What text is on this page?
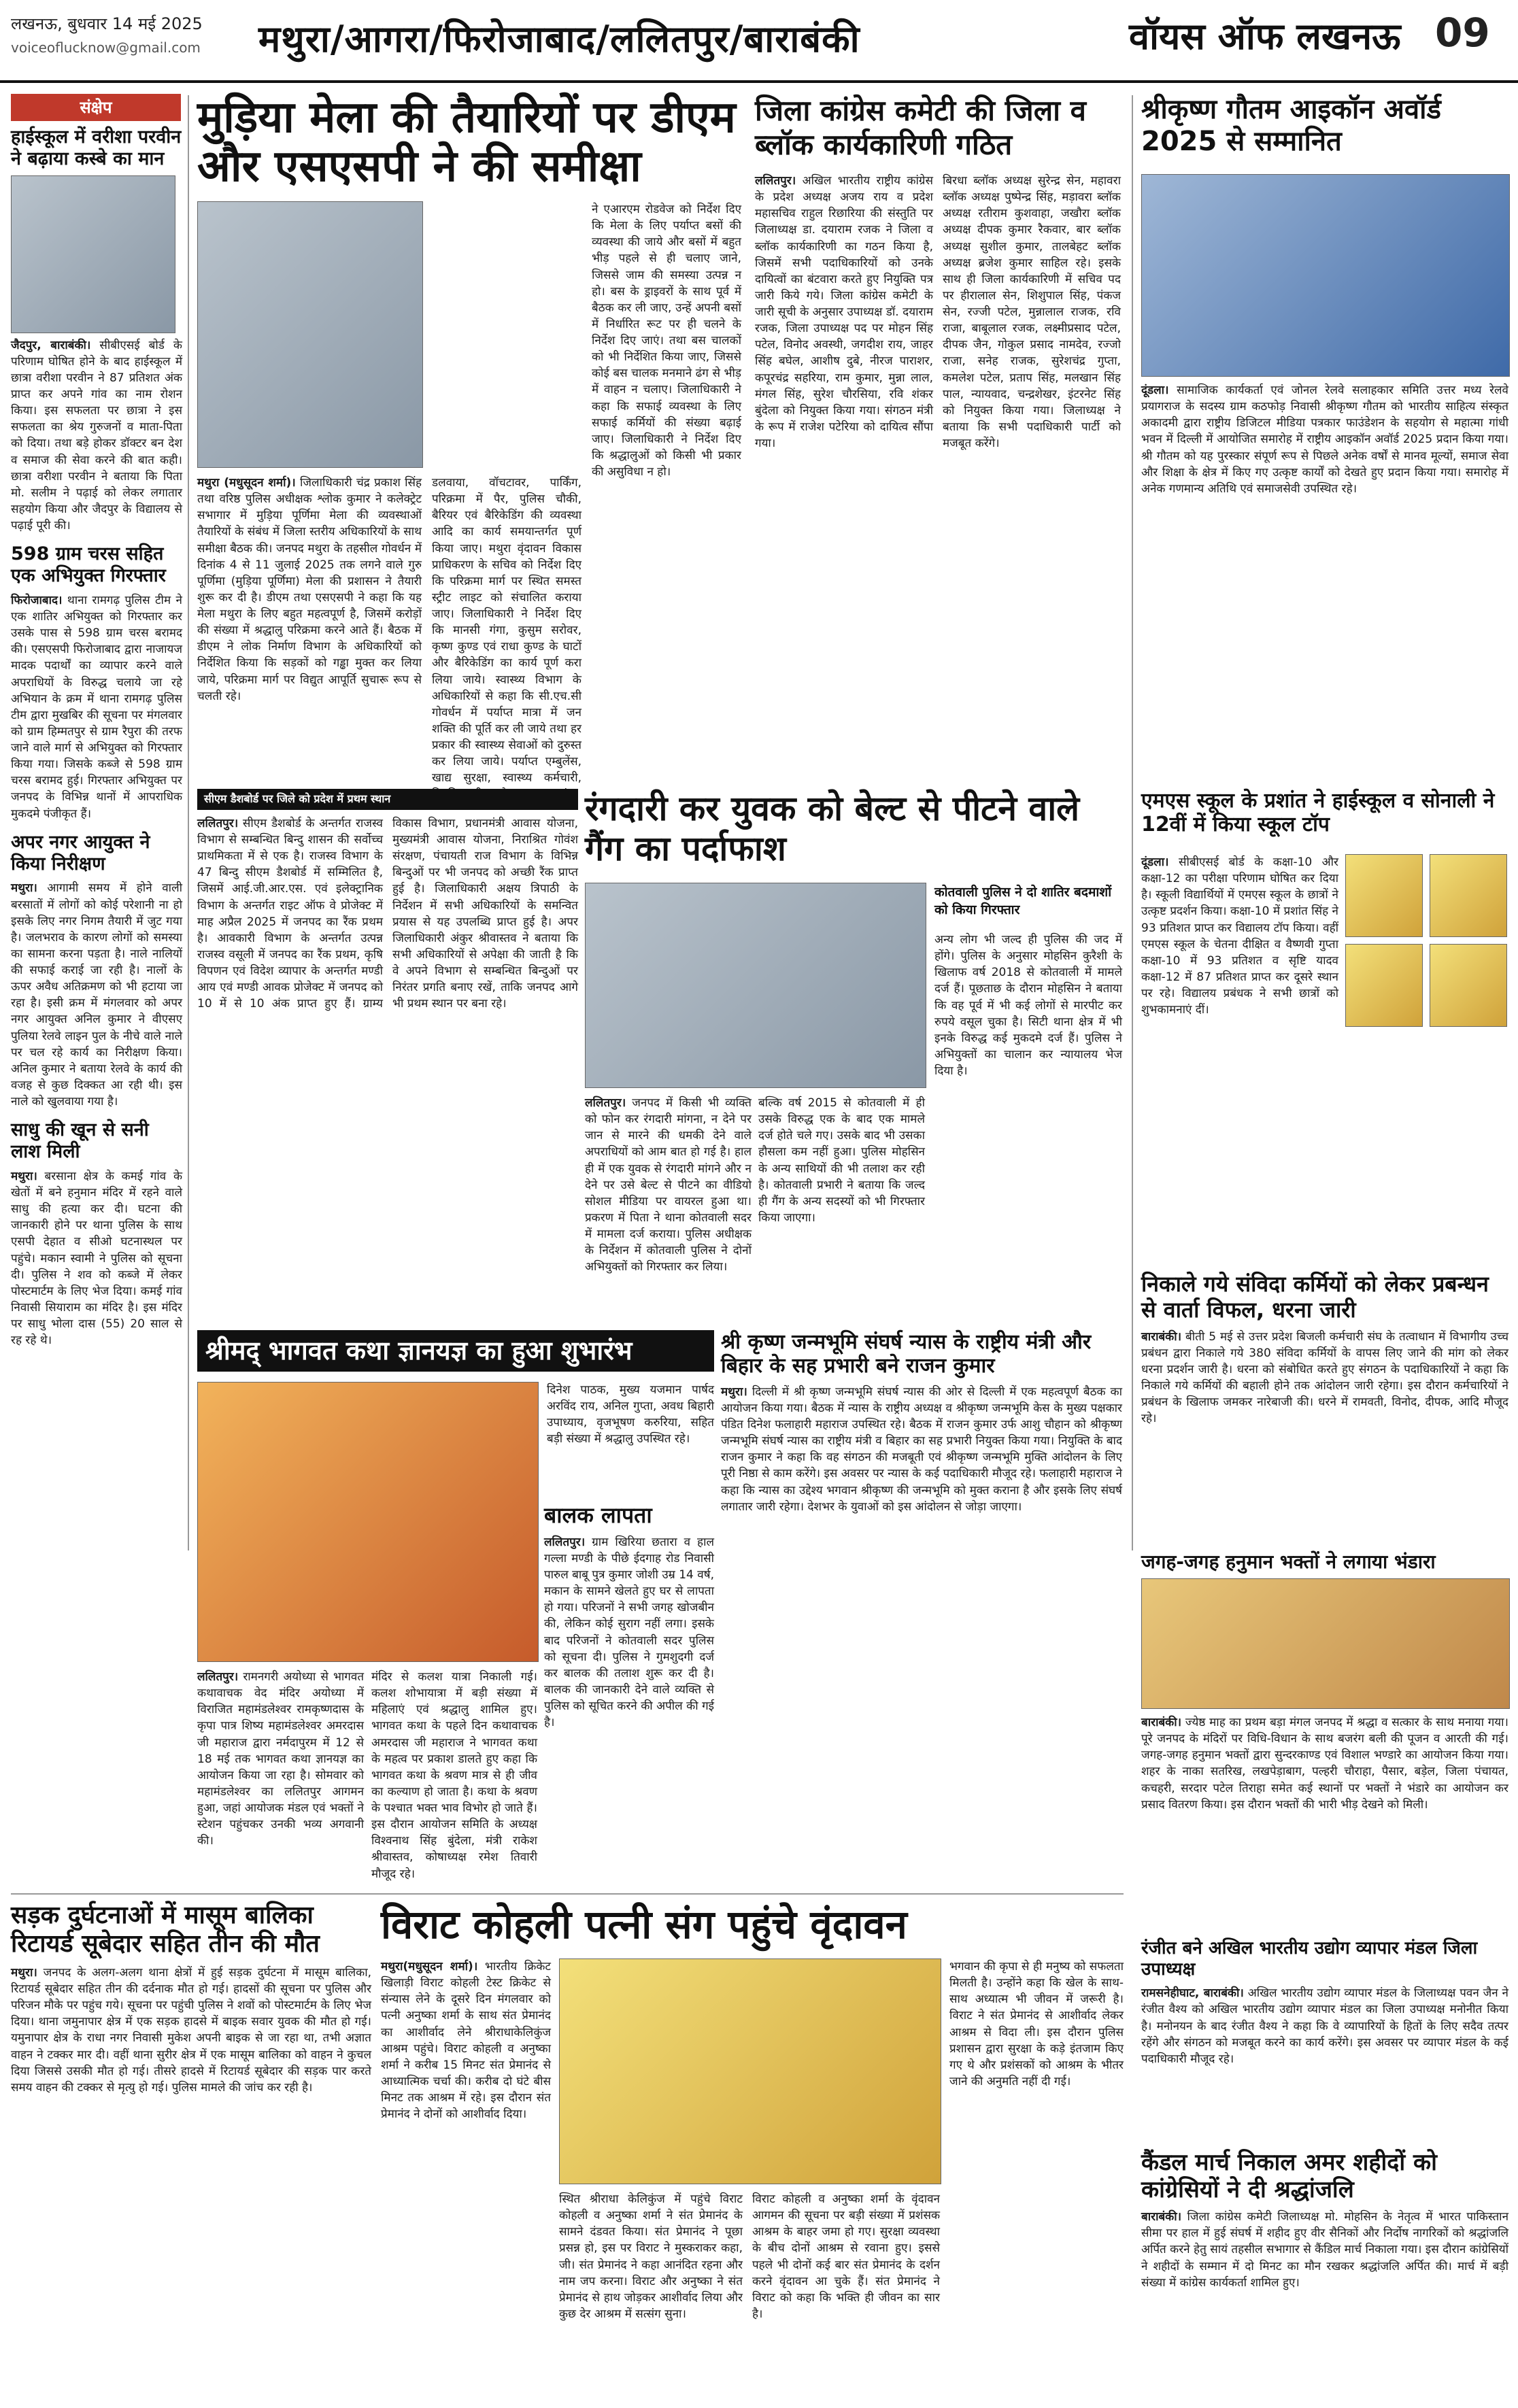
लखनऊ, बुधवार 14 मई 2025
voiceoflucknow@gmail.com मथुरा/आगरा/फिरोजाबाद/ललितपुर/बाराबंकी	वॉयस ऑफ लखनऊ 09
संक्षेप
हाईस्कूल में वरीशा परवीन ने बढ़ाया कस्बे का मान

जैदपुर, बाराबंकी। सीबीएसई बोर्ड के परिणाम घोषित होने के बाद हाईस्कूल में छात्रा वरीशा परवीन ने 87 प्रतिशत अंक प्राप्त कर अपने गांव का नाम रोशन किया। इस सफलता पर छात्रा ने इस सफलता का श्रेय गुरुजनों व माता-पिता को दिया। तथा बड़े होकर डॉक्टर बन देश व समाज की सेवा करने की बात कही। छात्रा वरीशा परवीन ने बताया कि पिता मो. सलीम ने पढ़ाई को लेकर लगातार सहयोग किया और जैदपुर के विद्यालय से पढ़ाई पूरी की।

598 ग्राम चरस सहित एक अभियुक्त गिरफ्तार

फिरोजाबाद। थाना रामगढ़ पुलिस टीम ने एक शातिर अभियुक्त को गिरफ्तार कर उसके पास से 598 ग्राम चरस बरामद की। एसएसपी फिरोजाबाद द्वारा नाजायज मादक पदार्थों का व्यापार करने वाले अपराधियों के विरुद्ध चलाये जा रहे अभियान के क्रम में थाना रामगढ़ पुलिस टीम द्वारा मुखबिर की सूचना पर मंगलवार को ग्राम हिम्मतपुर से ग्राम रैपुरा की तरफ जाने वाले मार्ग से अभियुक्त को गिरफ्तार किया गया। जिसके कब्जे से 598 ग्राम चरस बरामद हुई। गिरफ्तार अभियुक्त पर जनपद के विभिन्न थानों में आपराधिक मुकदमे पंजीकृत हैं।

अपर नगर आयुक्त ने किया निरीक्षण

मथुरा। आगामी समय में होने वाली बरसातों में लोगों को कोई परेशानी ना हो इसके लिए नगर निगम तैयारी में जुट गया है। जलभराव के कारण लोगों को समस्या का सामना करना पड़ता है। नाले नालियों की सफाई कराई जा रही है। नालों के ऊपर अवैध अतिक्रमण को भी हटाया जा रहा है। इसी क्रम में मंगलवार को अपर नगर आयुक्त अनिल कुमार ने वीएसए पुलिया रेलवे लाइन पुल के नीचे वाले नाले पर चल रहे कार्य का निरीक्षण किया। अनिल कुमार ने बताया रेलवे के कार्य की वजह से कुछ दिक्कत आ रही थी। इस नाले को खुलवाया गया है।

साधु की खून से सनी लाश मिली

मथुरा। बरसाना क्षेत्र के कमई गांव के खेतों में बने हनुमान मंदिर में रहने वाले साधु की हत्या कर दी। घटना की जानकारी होने पर थाना पुलिस के साथ एसपी देहात व सीओ घटनास्थल पर पहुंचे। मकान स्वामी ने पुलिस को सूचना दी। पुलिस ने शव को कब्जे में लेकर पोस्टमार्टम के लिए भेज दिया। कमई गांव निवासी सियाराम का मंदिर है। इस मंदिर पर साधु भोला दास (55) 20 साल से रह रहे थे।

मुड़िया मेला की तैयारियों पर डीएम और एसएसपी ने की समीक्षा

मथुरा (मधुसूदन शर्मा)। जिलाधिकारी चंद्र प्रकाश सिंह तथा वरिष्ठ पुलिस अधीक्षक श्लोक कुमार ने कलेक्ट्रेट सभागार में मुड़िया पूर्णिमा मेला की व्यवस्थाओं तैयारियों के संबंध में जिला स्तरीय अधिकारियों के साथ समीक्षा बैठक की। जनपद मथुरा के तहसील गोवर्धन में दिनांक 4 से 11 जुलाई 2025 तक लगने वाले गुरु पूर्णिमा (मुड़िया पूर्णिमा) मेला की प्रशासन ने तैयारी शुरू कर दी है। डीएम तथा एसएसपी ने कहा कि यह मेला मथुरा के लिए बहुत महत्वपूर्ण है, जिसमें करोड़ों की संख्या में श्रद्धालु परिक्रमा करने आते हैं। बैठक में डीएम ने लोक निर्माण विभाग के अधिकारियों को निर्देशित किया कि सड़कों को गड्ढा मुक्त कर लिया जाये, परिक्रमा मार्ग पर विद्युत आपूर्ति सुचारू रूप से चलती रहे।

डलवाया, वॉचटावर, पार्किंग, परिक्रमा में पैर, पुलिस चौकी, बैरियर एवं बैरिकेडिंग की व्यवस्था आदि का कार्य समयान्तर्गत पूर्ण किया जाए। मथुरा वृंदावन विकास प्राधिकरण के सचिव को निर्देश दिए कि परिक्रमा मार्ग पर स्थित समस्त स्ट्रीट लाइट को संचालित कराया जाए। जिलाधिकारी ने निर्देश दिए कि मानसी गंगा, कुसुम सरोवर, कृष्ण कुण्ड एवं राधा कुण्ड के घाटों और बैरिकेडिंग का कार्य पूर्ण करा लिया जाये। स्वास्थ्य विभाग के अधिकारियों से कहा कि सी.एच.सी गोवर्धन में पर्याप्त मात्रा में जन शक्ति की पूर्ति कर ली जाये तथा हर प्रकार की स्वास्थ्य सेवाओं को दुरुस्त कर लिया जाये। पर्याप्त एम्बुलेंस, खाद्य सुरक्षा, स्वास्थ्य कर्मचारी,

ने एआरएम रोडवेज को निर्देश दिए कि मेला के लिए पर्याप्त बसों की व्यवस्था की जाये और बसों में बहुत भीड़ पहले से ही चलाए जाने, जिससे जाम की समस्या उत्पन्न न हो। बस के ड्राइवरों के साथ पूर्व में बैठक कर ली जाए, उन्हें अपनी बसों में निर्धारित रूट पर ही चलने के निर्देश दिए जाएं। तथा बस चालकों को भी निर्देशित किया जाए, जिससे कोई बस चालक मनमाने ढंग से भीड़ में वाहन न चलाए। जिलाधिकारी ने कहा कि सफाई व्यवस्था के लिए सफाई कर्मियों की संख्या बढ़ाई जाए। जिलाधिकारी ने निर्देश दिए कि श्रद्धालुओं को किसी भी प्रकार की असुविधा न हो।

जिला कांग्रेस कमेटी की जिला व ब्लॉक कार्यकारिणी गठित

ललितपुर। अखिल भारतीय राष्ट्रीय कांग्रेस के प्रदेश अध्यक्ष अजय राय व प्रदेश महासचिव राहुल रिछारिया की संस्तुति पर जिलाध्यक्ष डा. दयाराम रजक ने जिला व ब्लॉक कार्यकारिणी का गठन किया है, जिसमें सभी पदाधिकारियों को उनके दायित्वों का बंटवारा करते हुए नियुक्ति पत्र जारी किये गये। जिला कांग्रेस कमेटी के जारी सूची के अनुसार उपाध्यक्ष डॉ. दयाराम रजक, जिला उपाध्यक्ष पद पर मोहन सिंह पटेल, विनोद अवस्थी, जगदीश राय, जाहर सिंह बघेल, आशीष दुबे, नीरज पाराशर, कपूरचंद्र सहरिया, राम कुमार, मुन्ना लाल, मंगल सिंह, सुरेश चौरसिया, रवि शंकर बुंदेला को नियुक्त किया गया। संगठन मंत्री के रूप में राजेश पटेरिया को दायित्व सौंपा गया।

बिरधा ब्लॉक अध्यक्ष सुरेन्द्र सेन, महावरा ब्लॉक अध्यक्ष पुष्पेन्द्र सिंह, मड़ावरा ब्लॉक अध्यक्ष रतीराम कुशवाहा, जखौरा ब्लॉक अध्यक्ष दीपक कुमार रैकवार, बार ब्लॉक अध्यक्ष सुशील कुमार, तालबेहट ब्लॉक अध्यक्ष ब्रजेश कुमार साहिल रहे। इसके साथ ही जिला कार्यकारिणी में सचिव पद पर हीरालाल सेन, शिशुपाल सिंह, पंकज सेन, रज्जी पटेल, मुन्नालाल राजक, रवि राजा, बाबूलाल रजक, लक्ष्मीप्रसाद पटेल, दीपक जैन, गोकुल प्रसाद नामदेव, रज्जो राजा, सनेह राजक, सुरेशचंद्र गुप्ता, कमलेश पटेल, प्रताप सिंह, मलखान सिंह पाल, न्यायवाद, चन्द्रशेखर, इंटरनेट सिंह को नियुक्त किया गया। जिलाध्यक्ष ने बताया कि सभी पदाधिकारी पार्टी को मजबूत करेंगे।

श्रीकृष्ण गौतम आइकॉन अवॉर्ड 2025 से सम्मानित

दूंडला। सामाजिक कार्यकर्ता एवं जोनल रेलवे सलाहकार समिति उत्तर मध्य रेलवे प्रयागराज के सदस्य ग्राम कठफोड़ निवासी श्रीकृष्ण गौतम को भारतीय साहित्य संस्कृत अकादमी द्वारा राष्ट्रीय डिजिटल मीडिया पत्रकार फाउंडेशन के सहयोग से महात्मा गांधी भवन में दिल्ली में आयोजित समारोह में राष्ट्रीय आइकॉन अवॉर्ड 2025 प्रदान किया गया। श्री गौतम को यह पुरस्कार संपूर्ण रूप से पिछले अनेक वर्षों से मानव मूल्यों, समाज सेवा और शिक्षा के क्षेत्र में किए गए उत्कृष्ट कार्यों को देखते हुए प्रदान किया गया। समारोह में अनेक गणमान्य अतिथि एवं समाजसेवी उपस्थित रहे।

सीएम डैशबोर्ड पर जिले को प्रदेश में प्रथम स्थान

ललितपुर। सीएम डैशबोर्ड के अन्तर्गत राजस्व विभाग से सम्बन्धित बिन्दु शासन की सर्वोच्च प्राथमिकता में से एक है। राजस्व विभाग के 47 बिन्दु सीएम डैशबोर्ड में सम्मिलित है, जिसमें आई.जी.आर.एस. एवं इलेक्ट्रानिक विभाग के अन्तर्गत राइट ऑफ वे प्रोजेक्ट में माह अप्रैल 2025 में जनपद का रैंक प्रथम है। आवकारी विभाग के अन्तर्गत उत्पन्न राजस्व वसूली में जनपद का रैंक प्रथम, कृषि विपणन एवं विदेश व्यापार के अन्तर्गत मण्डी आय एवं मण्डी आवक प्रोजेक्ट में जनपद को 10 में से 10 अंक प्राप्त हुए हैं। ग्राम्य विकास विभाग, प्रधानमंत्री आवास योजना, मुख्यमंत्री आवास योजना, निराश्रित गोवंश संरक्षण, पंचायती राज विभाग के विभिन्न बिन्दुओं पर भी जनपद को अच्छी रैंक प्राप्त हुई है। जिलाधिकारी अक्षय त्रिपाठी के निर्देशन में सभी अधिकारियों के समन्वित प्रयास से यह उपलब्धि प्राप्त हुई है। अपर जिलाधिकारी अंकुर श्रीवास्तव ने बताया कि सभी अधिकारियों से अपेक्षा की जाती है कि वे अपने विभाग से सम्बन्धित बिन्दुओं पर निरंतर प्रगति बनाए रखें, ताकि जनपद आगे भी प्रथम स्थान पर बना रहे।

रंगदारी कर युवक को बेल्ट से पीटने वाले गैंग का पर्दाफाश
कोतवाली पुलिस ने दो शातिर बदमाशों को किया गिरफ्तार

अन्य लोग भी जल्द ही पुलिस की जद में होंगे। पुलिस के अनुसार मोहसिन कुरैशी के खिलाफ वर्ष 2018 से कोतवाली में मामले दर्ज हैं। पूछताछ के दौरान मोहसिन ने बताया कि वह पूर्व में भी कई लोगों से मारपीट कर रुपये वसूल चुका है। सिटी थाना क्षेत्र में भी इनके विरुद्ध कई मुकदमे दर्ज हैं। पुलिस ने अभियुक्तों का चालान कर न्यायालय भेज दिया है।

ललितपुर। जनपद में किसी भी व्यक्ति को फोन कर रंगदारी मांगना, न देने पर जान से मारने की धमकी देने वाले अपराधियों को आम बात हो गई है। हाल ही में एक युवक से रंगदारी मांगने और न देने पर उसे बेल्ट से पीटने का वीडियो सोशल मीडिया पर वायरल हुआ था। प्रकरण में पिता ने थाना कोतवाली सदर में मामला दर्ज कराया। पुलिस अधीक्षक के निर्देशन में कोतवाली पुलिस ने दोनों अभियुक्तों को गिरफ्तार कर लिया।

बल्कि वर्ष 2015 से कोतवाली में ही उसके विरुद्ध एक के बाद एक मामले दर्ज होते चले गए। उसके बाद भी उसका हौसला कम नहीं हुआ। पुलिस मोहसिन के अन्य साथियों की भी तलाश कर रही है। कोतवाली प्रभारी ने बताया कि जल्द ही गैंग के अन्य सदस्यों को भी गिरफ्तार किया जाएगा।

एमएस स्कूल के प्रशांत ने हाईस्कूल व सोनाली ने 12वीं में किया स्कूल टॉप

दूंडला। सीबीएसई बोर्ड के कक्षा-10 और कक्षा-12 का परीक्षा परिणाम घोषित कर दिया है। स्कूली विद्यार्थियों में एमएस स्कूल के छात्रों ने उत्कृष्ट प्रदर्शन किया। कक्षा-10 में प्रशांत सिंह ने 93 प्रतिशत प्राप्त कर विद्यालय टॉप किया। वहीं एमएस स्कूल के चेतना दीक्षित व वैष्णवी गुप्ता कक्षा-10 में 93 प्रतिशत व सृष्टि यादव कक्षा-12 में 87 प्रतिशत प्राप्त कर दूसरे स्थान पर रहे। विद्यालय प्रबंधक ने सभी छात्रों को शुभकामनाएं दीं।

निकाले गये संविदा कर्मियों को लेकर प्रबन्धन से वार्ता विफल, धरना जारी

बाराबंकी। बीती 5 मई से उत्तर प्रदेश बिजली कर्मचारी संघ के तत्वाधान में विभागीय उच्च प्रबंधन द्वारा निकाले गये 380 संविदा कर्मियों के वापस लिए जाने की मांग को लेकर धरना प्रदर्शन जारी है। धरना को संबोधित करते हुए संगठन के पदाधिकारियों ने कहा कि निकाले गये कर्मियों की बहाली होने तक आंदोलन जारी रहेगा। इस दौरान कर्मचारियों ने प्रबंधन के खिलाफ जमकर नारेबाजी की। धरने में रामवती, विनोद, दीपक, आदि मौजूद रहे।

श्रीमद् भागवत कथा ज्ञानयज्ञ का हुआ शुभारंभ

ललितपुर। रामनगरी अयोध्या से भागवत कथावाचक वेद मंदिर अयोध्या में विराजित महामंडलेश्वर रामकृष्णदास के कृपा पात्र शिष्य महामंडलेश्वर अमरदास जी महाराज द्वारा नर्मदापुरम में 12 से 18 मई तक भागवत कथा ज्ञानयज्ञ का आयोजन किया जा रहा है। सोमवार को महामंडलेश्वर का ललितपुर आगमन हुआ, जहां आयोजक मंडल एवं भक्तों ने स्टेशन पहुंचकर उनकी भव्य अगवानी की।

मंदिर से कलश यात्रा निकाली गई। कलश शोभायात्रा में बड़ी संख्या में महिलाएं एवं श्रद्धालु शामिल हुए। भागवत कथा के पहले दिन कथावाचक अमरदास जी महाराज ने भागवत कथा के महत्व पर प्रकाश डालते हुए कहा कि भागवत कथा के श्रवण मात्र से ही जीव का कल्याण हो जाता है। कथा के श्रवण के पश्चात भक्त भाव विभोर हो जाते हैं। इस दौरान आयोजन समिति के अध्यक्ष विश्वनाथ सिंह बुंदेला, मंत्री राकेश श्रीवास्तव, कोषाध्यक्ष रमेश तिवारी मौजूद रहे।

दिनेश पाठक, मुख्य यजमान पार्षद अरविंद राय, अनिल गुप्ता, अवध बिहारी उपाध्याय, वृजभूषण करुरिया, सहित बड़ी संख्या में श्रद्धालु उपस्थित रहे।

बालक लापता

ललितपुर। ग्राम खिरिया छतारा व हाल गल्ला मण्डी के पीछे ईदगाह रोड निवासी पारुल बाबू पुत्र कुमार जोशी उम्र 14 वर्ष, मकान के सामने खेलते हुए घर से लापता हो गया। परिजनों ने सभी जगह खोजबीन की, लेकिन कोई सुराग नहीं लगा। इसके बाद परिजनों ने कोतवाली सदर पुलिस को सूचना दी। पुलिस ने गुमशुदगी दर्ज कर बालक की तलाश शुरू कर दी है। बालक की जानकारी देने वाले व्यक्ति से पुलिस को सूचित करने की अपील की गई है।

श्री कृष्ण जन्मभूमि संघर्ष न्यास के राष्ट्रीय मंत्री और बिहार के सह प्रभारी बने राजन कुमार

मथुरा। दिल्ली में श्री कृष्ण जन्मभूमि संघर्ष न्यास की ओर से दिल्ली में एक महत्वपूर्ण बैठक का आयोजन किया गया। बैठक में न्यास के राष्ट्रीय अध्यक्ष व श्रीकृष्ण जन्मभूमि केस के मुख्य पक्षकार पंडित दिनेश फलाहारी महाराज उपस्थित रहे। बैठक में राजन कुमार उर्फ आशु चौहान को श्रीकृष्ण जन्मभूमि संघर्ष न्यास का राष्ट्रीय मंत्री व बिहार का सह प्रभारी नियुक्त किया गया। नियुक्ति के बाद राजन कुमार ने कहा कि वह संगठन की मजबूती एवं श्रीकृष्ण जन्मभूमि मुक्ति आंदोलन के लिए पूरी निष्ठा से काम करेंगे। इस अवसर पर न्यास के कई पदाधिकारी मौजूद रहे। फलाहारी महाराज ने कहा कि न्यास का उद्देश्य भगवान श्रीकृष्ण की जन्मभूमि को मुक्त कराना है और इसके लिए संघर्ष लगातार जारी रहेगा। देशभर के युवाओं को इस आंदोलन से जोड़ा जाएगा।

जगह-जगह हनुमान भक्तों ने लगाया भंडारा

बाराबंकी। ज्येष्ठ माह का प्रथम बड़ा मंगल जनपद में श्रद्धा व सत्कार के साथ मनाया गया। पूरे जनपद के मंदिरों पर विधि-विधान के साथ बजरंग बली की पूजन व आरती की गई। जगह-जगह हनुमान भक्तों द्वारा सुन्दरकाण्ड एवं विशाल भण्डारे का आयोजन किया गया। शहर के नाका सतरिख, लखपेड़ाबाग, पल्हरी चौराहा, पैसार, बड़ेल, जिला पंचायत, कचहरी, सरदार पटेल तिराहा समेत कई स्थानों पर भक्तों ने भंडारे का आयोजन कर प्रसाद वितरण किया। इस दौरान भक्तों की भारी भीड़ देखने को मिली।

रंजीत बने अखिल भारतीय उद्योग व्यापार मंडल जिला उपाध्यक्ष

रामसनेहीघाट, बाराबंकी। अखिल भारतीय उद्योग व्यापार मंडल के जिलाध्यक्ष पवन जैन ने रंजीत वैश्य को अखिल भारतीय उद्योग व्यापार मंडल का जिला उपाध्यक्ष मनोनीत किया है। मनोनयन के बाद रंजीत वैश्य ने कहा कि वे व्यापारियों के हितों के लिए सदैव तत्पर रहेंगे और संगठन को मजबूत करने का कार्य करेंगे। इस अवसर पर व्यापार मंडल के कई पदाधिकारी मौजूद रहे।

कैंडल मार्च निकाल अमर शहीदों को कांग्रेसियों ने दी श्रद्धांजलि

बाराबंकी। जिला कांग्रेस कमेटी जिलाध्यक्ष मो. मोहसिन के नेतृत्व में भारत पाकिस्तान सीमा पर हाल में हुई संघर्ष में शहीद हुए वीर सैनिकों और निर्दोष नागरिकों को श्रद्धांजलि अर्पित करने हेतु सायं तहसील सभागार से कैंडिल मार्च निकाला गया। इस दौरान कांग्रेसियों ने शहीदों के सम्मान में दो मिनट का मौन रखकर श्रद्धांजलि अर्पित की। मार्च में बड़ी संख्या में कांग्रेस कार्यकर्ता शामिल हुए।

सड़क दुर्घटनाओं में मासूम बालिका रिटायर्ड सूबेदार सहित तीन की मौत

मथुरा। जनपद के अलग-अलग थाना क्षेत्रों में हुई सड़क दुर्घटना में मासूम बालिका, रिटायर्ड सूबेदार सहित तीन की दर्दनाक मौत हो गई। हादसों की सूचना पर पुलिस और परिजन मौके पर पहुंच गये। सूचना पर पहुंची पुलिस ने शवों को पोस्टमार्टम के लिए भेज दिया। थाना जमुनापार क्षेत्र में एक सड़क हादसे में बाइक सवार युवक की मौत हो गई। यमुनापार क्षेत्र के राधा नगर निवासी मुकेश अपनी बाइक से जा रहा था, तभी अज्ञात वाहन ने टक्कर मार दी। वहीं थाना सुरीर क्षेत्र में एक मासूम बालिका को वाहन ने कुचल दिया जिससे उसकी मौत हो गई। तीसरे हादसे में रिटायर्ड सूबेदार की सड़क पार करते समय वाहन की टक्कर से मृत्यु हो गई। पुलिस मामले की जांच कर रही है।

विराट कोहली पत्नी संग पहुंचे वृंदावन

मथुरा(मधुसूदन शर्मा)। भारतीय क्रिकेट खिलाड़ी विराट कोहली टेस्ट क्रिकेट से संन्यास लेने के दूसरे दिन मंगलवार को पत्नी अनुष्का शर्मा के साथ संत प्रेमानंद का आशीर्वाद लेने श्रीराधाकेलिकुंज आश्रम पहुंचे। विराट कोहली व अनुष्का शर्मा ने करीब 15 मिनट संत प्रेमानंद से आध्यात्मिक चर्चा की। करीब दो घंटे बीस मिनट तक आश्रम में रहे। इस दौरान संत प्रेमानंद ने दोनों को आशीर्वाद दिया।

स्थित श्रीराधा केलिकुंज में पहुंचे विराट कोहली व अनुष्का शर्मा ने संत प्रेमानंद के सामने दंडवत किया। संत प्रेमानंद ने पूछा प्रसन्न हो, इस पर विराट ने मुस्कराकर कहा, जी। संत प्रेमानंद ने कहा आनंदित रहना और नाम जप करना। विराट और अनुष्का ने संत प्रेमानंद से हाथ जोड़कर आशीर्वाद लिया और कुछ देर आश्रम में सत्संग सुना।

विराट कोहली व अनुष्का शर्मा के वृंदावन आगमन की सूचना पर बड़ी संख्या में प्रशंसक आश्रम के बाहर जमा हो गए। सुरक्षा व्यवस्था के बीच दोनों आश्रम से रवाना हुए। इससे पहले भी दोनों कई बार संत प्रेमानंद के दर्शन करने वृंदावन आ चुके हैं। संत प्रेमानंद ने विराट को कहा कि भक्ति ही जीवन का सार है।

भगवान की कृपा से ही मनुष्य को सफलता मिलती है। उन्होंने कहा कि खेल के साथ-साथ अध्यात्म भी जीवन में जरूरी है। विराट ने संत प्रेमानंद से आशीर्वाद लेकर आश्रम से विदा ली। इस दौरान पुलिस प्रशासन द्वारा सुरक्षा के कड़े इंतजाम किए गए थे और प्रशंसकों को आश्रम के भीतर जाने की अनुमति नहीं दी गई।
